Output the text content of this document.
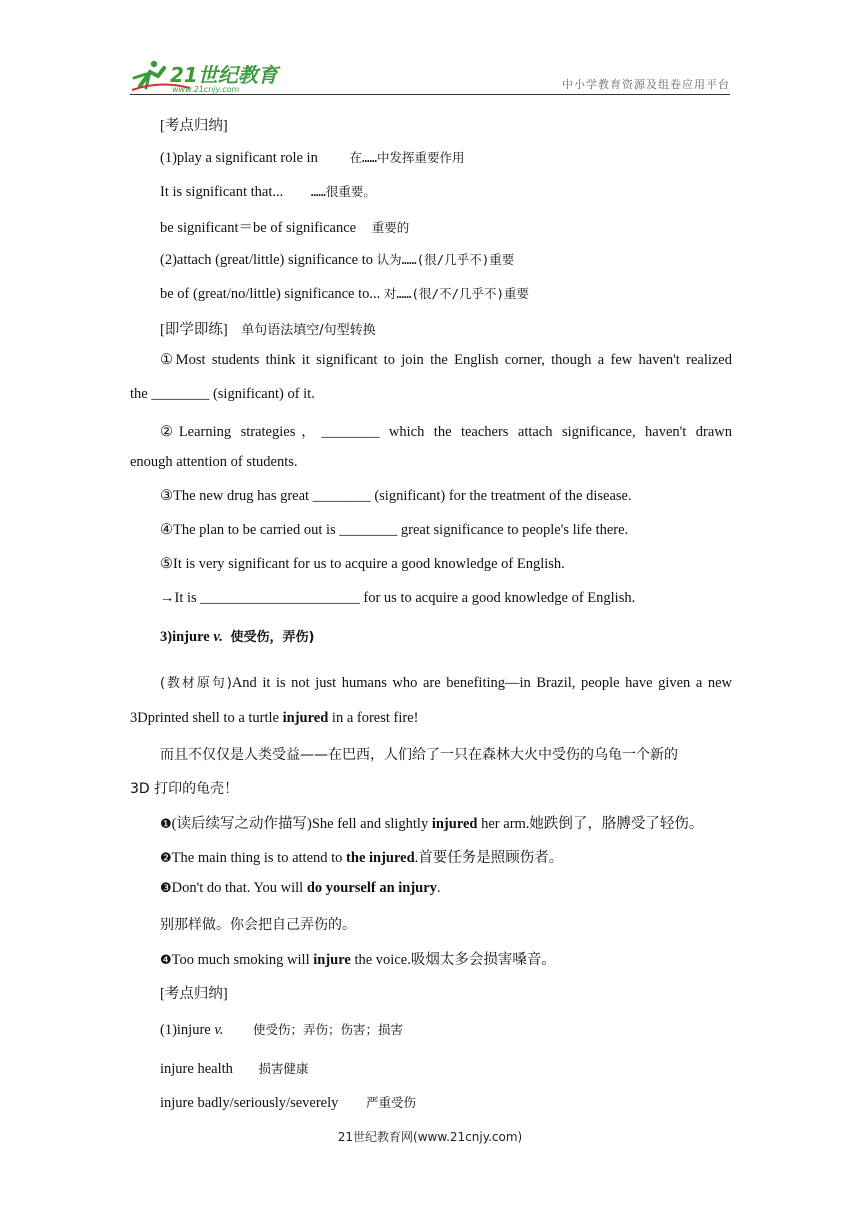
21世纪教育
www.21cnjy.com	中小学教育资源及组卷应用平台
[考点归纳]
(1)play a significant role in	在……中发挥重要作用
It is significant that... ……很重要。
be significant＝be of significance 重要的
(2)attach (great/little) significance to 认为……(很/几乎不)重要
be of (great/no/little) significance to... 对……(很/不/几乎不)重要
[即学即练] 单句语法填空/句型转换
①Most students think it significant to join the English corner, though a few haven't realized
the ________ (significant) of it.
②Learning strategies，________ which the teachers attach significance, haven't drawn
enough attention of students.
③The new drug has great ________ (significant) for the treatment of the disease.
④The plan to be carried out is ________ great significance to people's life there.
⑤It is very significant for us to acquire a good knowledge of English.
→It is ______________________ for us to acquire a good knowledge of English.
3)injure v. 使受伤，弄伤)
(教材原句)And it is not just humans who are benefiting—in Brazil, people have given a new
3Dprinted shell to a turtle injured in a forest fire!
而且不仅仅是人类受益——在巴西，人们给了一只在森林大火中受伤的乌龟一个新的
3D 打印的龟壳！
❶(读后续写之动作描写)She fell and slightly injured her arm.她跌倒了，胳膊受了轻伤。
❷The main thing is to attend to the injured.首要任务是照顾伤者。
❸Don't do that. You will do yourself an injury.
别那样做。你会把自己弄伤的。
❹Too much smoking will injure the voice.吸烟太多会损害嗓音。
[考点归纳]
(1)injure v. 使受伤；弄伤；伤害；损害
injure health 损害健康
injure badly/seriously/severely 严重受伤
21世纪教育网(www.21cnjy.com)
